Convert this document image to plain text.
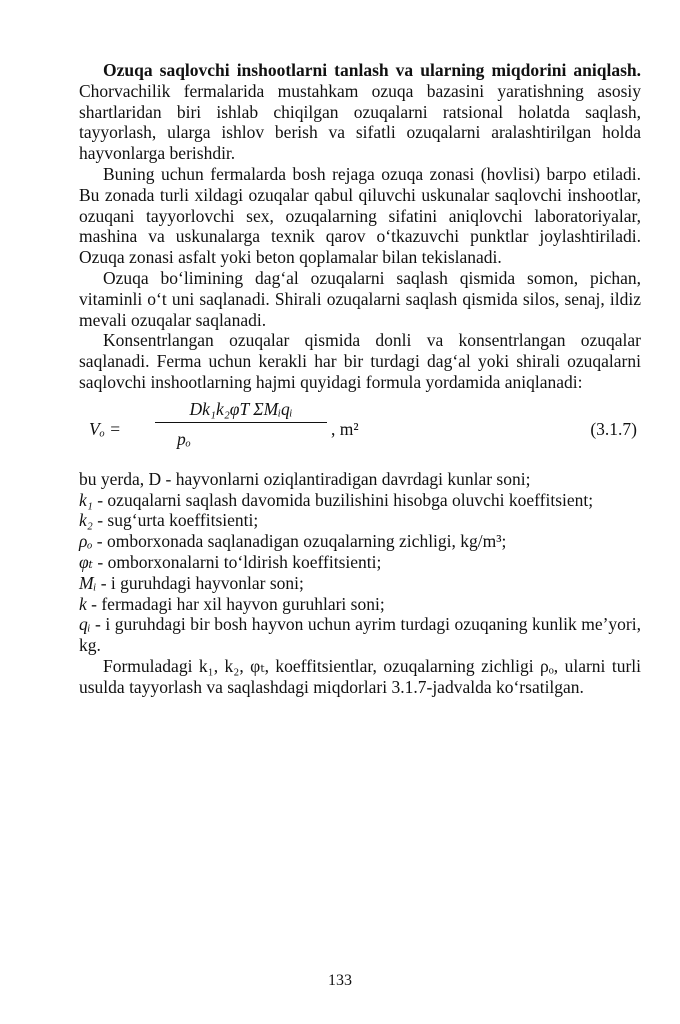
Ozuqa saqlovchi inshootlarni tanlash va ularning miqdorini aniqlash. Chorvachilik fermalarida mustahkam ozuqa bazasini yaratishning asosiy shartlaridan biri ishlab chiqilgan ozuqalarni ratsional holatda saqlash, tayyorlash, ularga ishlov berish va sifatli ozuqalarni aralashtirilgan holda hayvonlarga berishdir.

Buning uchun fermalarda bosh rejaga ozuqa zonasi (hovlisi) barpo etiladi. Bu zonada turli xildagi ozuqalar qabul qiluvchi uskunalar saqlovchi inshootlar, ozuqani tayyorlovchi sex, ozuqalarning sifatini aniqlovchi laboratoriyalar, mashina va uskunalarga texnik qarov o‘tkazuvchi punktlar joylashtiriladi. Ozuqa zonasi asfalt yoki beton qoplamalar bilan tekislanadi.

Ozuqa bo‘limining dag‘al ozuqalarni saqlash qismida somon, pichan, vitaminli o‘t uni saqlanadi. Shirali ozuqalarni saqlash qismida silos, senaj, ildiz mevali ozuqalar saqlanadi.

Konsentrlangan ozuqalar qismida donli va konsentrlangan ozuqalar saqlanadi. Ferma uchun kerakli har bir turdagi dag‘al yoki shirali ozuqalarni saqlovchi inshootlarning hajmi quyidagi formula yordamida aniqlanadi:

Vₒ =
Dk₁k₂φT ΣMᵢqᵢ
pₒ	, m²	(3.1.7)

bu yerda, D - hayvonlarni oziqlantiradigan davrdagi kunlar soni;

k₁ - ozuqalarni saqlash davomida buzilishini hisobga oluvchi koeffitsient;

k₂ - sug‘urta koeffitsienti;

ρₒ - omborxonada saqlanadigan ozuqalarning zichligi, kg/m³;

φₜ - omborxonalarni to‘ldirish koeffitsienti;

Mᵢ - i guruhdagi hayvonlar soni;

k - fermadagi har xil hayvon guruhlari soni;

qᵢ - i guruhdagi bir bosh hayvon uchun ayrim turdagi ozuqaning kunlik me’yori, kg.

Formuladagi k₁, k₂, φₜ, koeffitsientlar, ozuqalarning zichligi ρₒ, ularni turli usulda tayyorlash va saqlashdagi miqdorlari 3.1.7-jadvalda ko‘rsatilgan.

133
